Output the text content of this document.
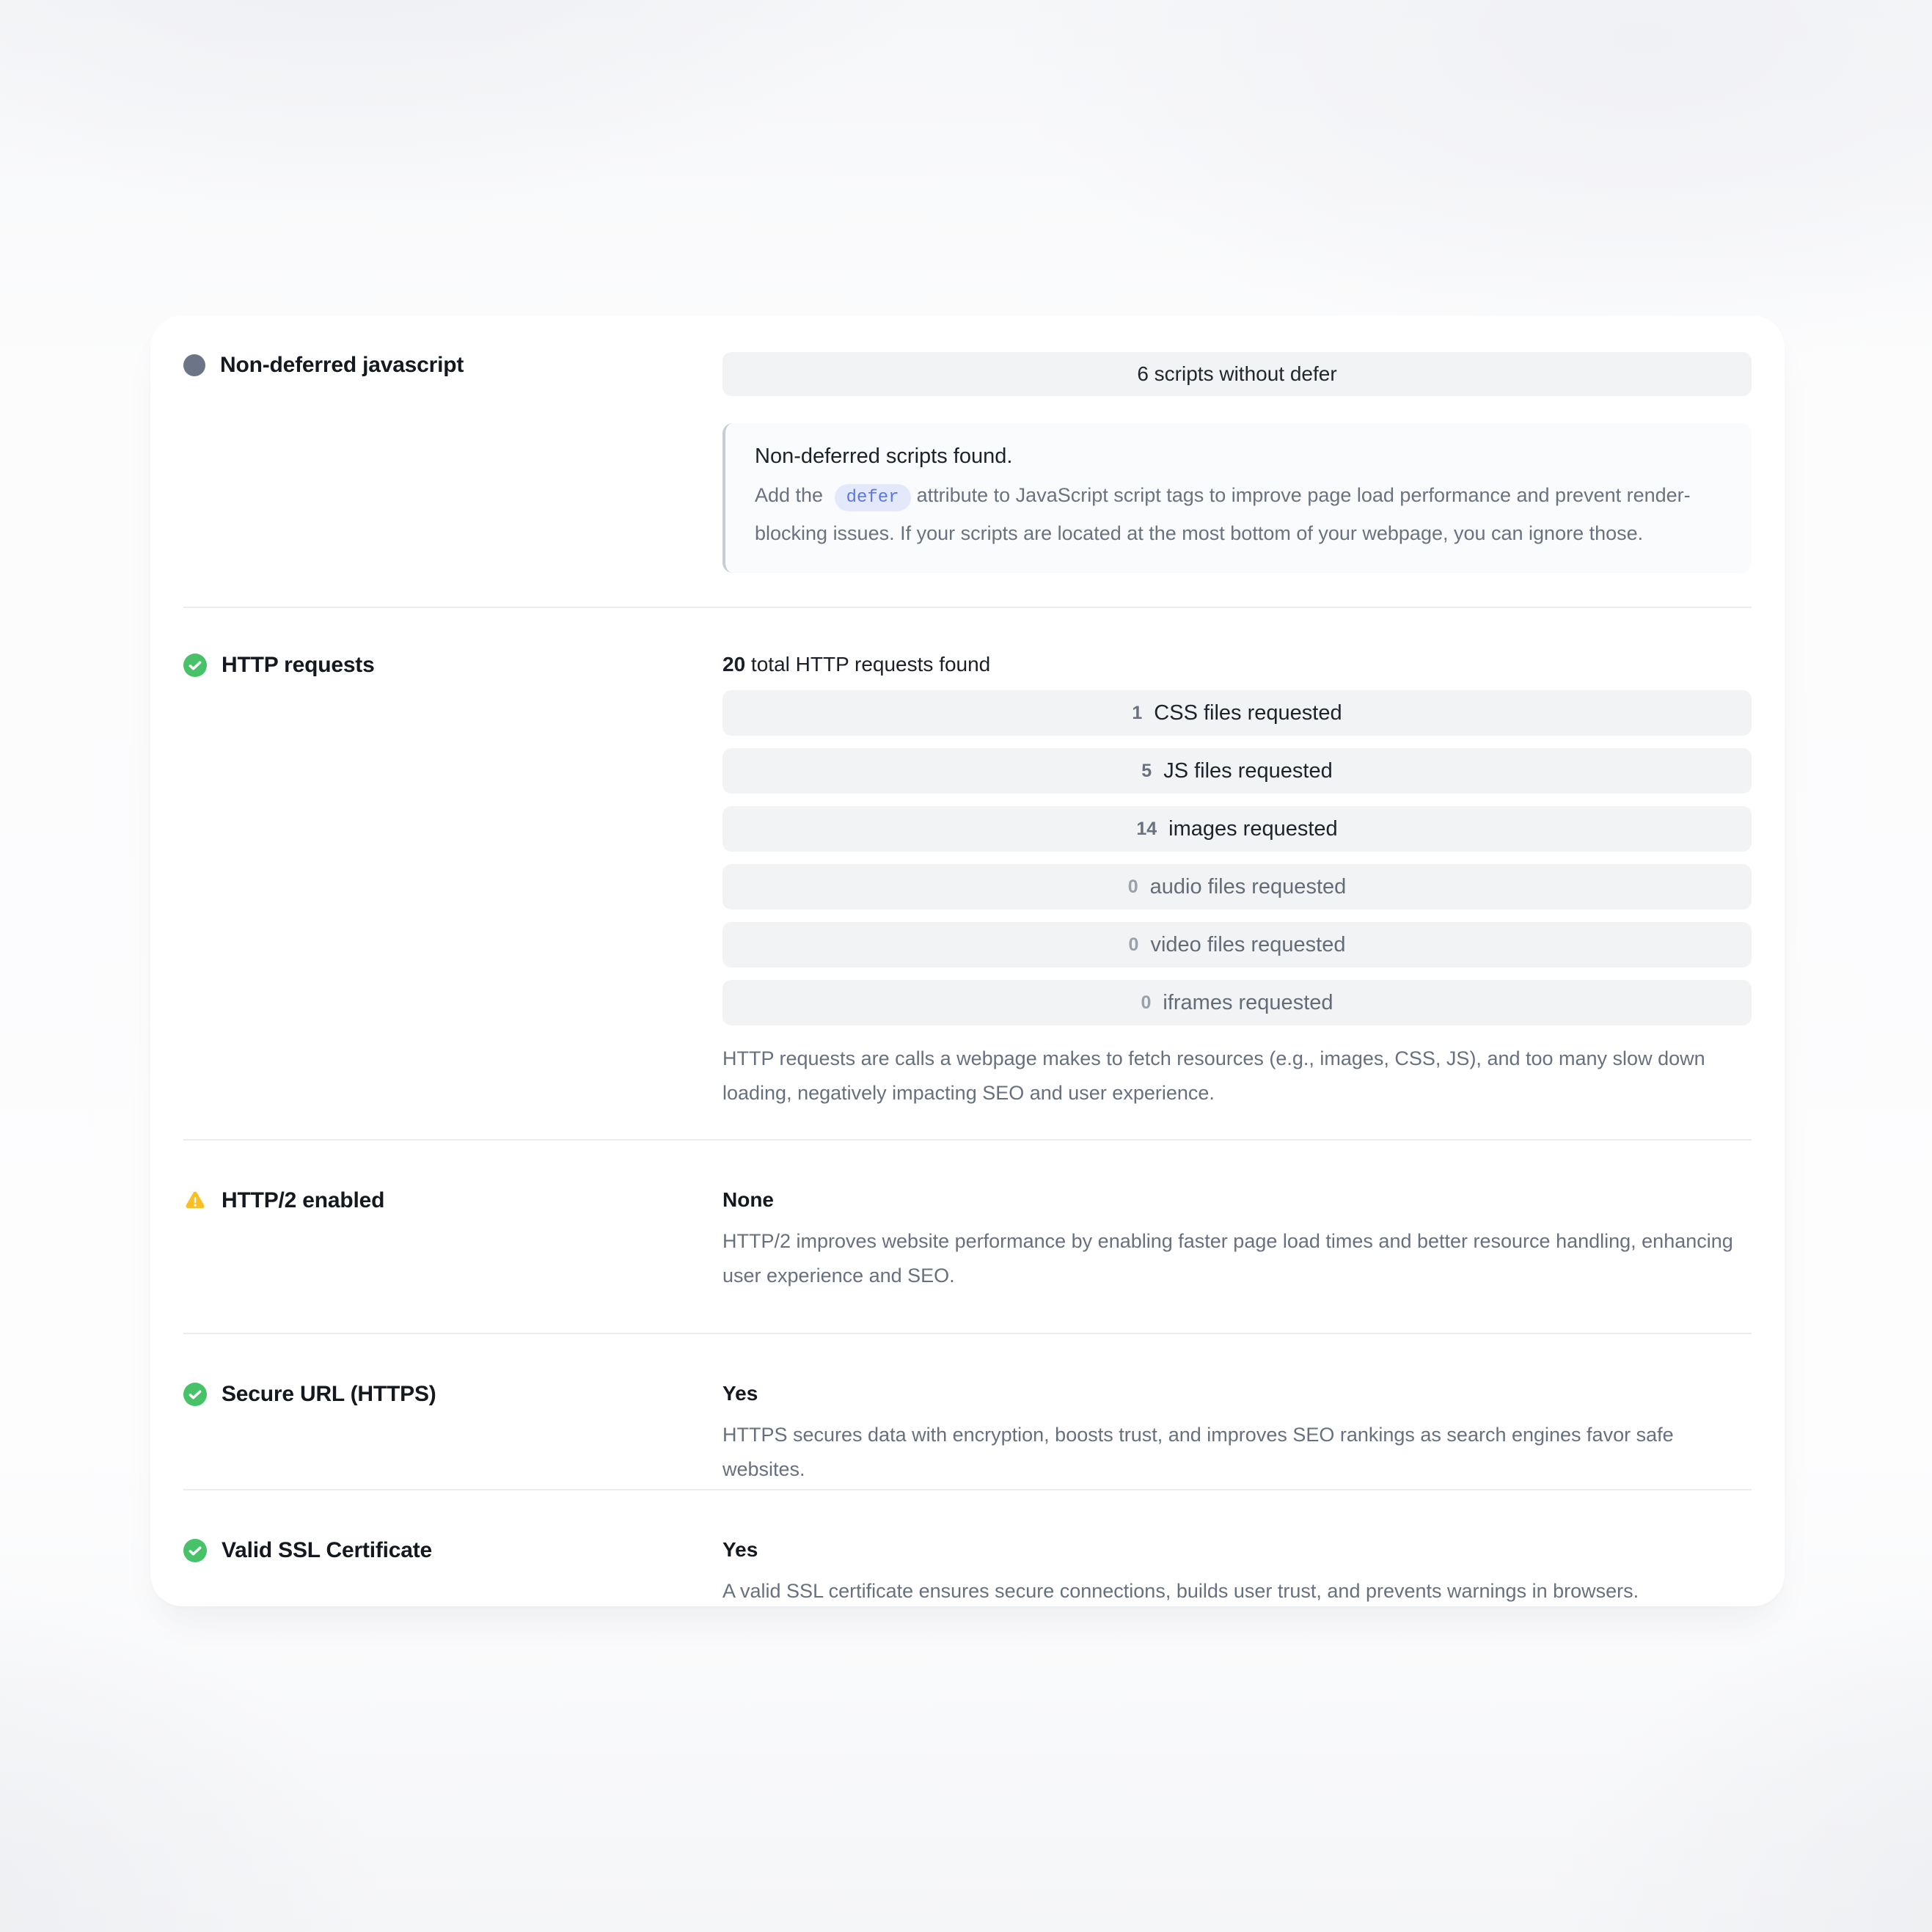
Non-deferred javascript	6 scripts without defer
Non-deferred scripts found.
Add the defer attribute to JavaScript script tags to improve page load performance and prevent render-blocking issues. If your scripts are located at the most bottom of your webpage, you can ignore those.
HTTP requests	20 total HTTP requests found
1 CSS files requested
5 JS files requested
14 images requested
0 audio files requested
0 video files requested
0 iframes requested
HTTP requests are calls a webpage makes to fetch resources (e.g., images, CSS, JS), and too many slow down loading, negatively impacting SEO and user experience.
HTTP/2 enabled	None
HTTP/2 improves website performance by enabling faster page load times and better resource handling, enhancing user experience and SEO.
Secure URL (HTTPS)	Yes
HTTPS secures data with encryption, boosts trust, and improves SEO rankings as search engines favor safe websites.
Valid SSL Certificate	Yes
A valid SSL certificate ensures secure connections, builds user trust, and prevents warnings in browsers.
